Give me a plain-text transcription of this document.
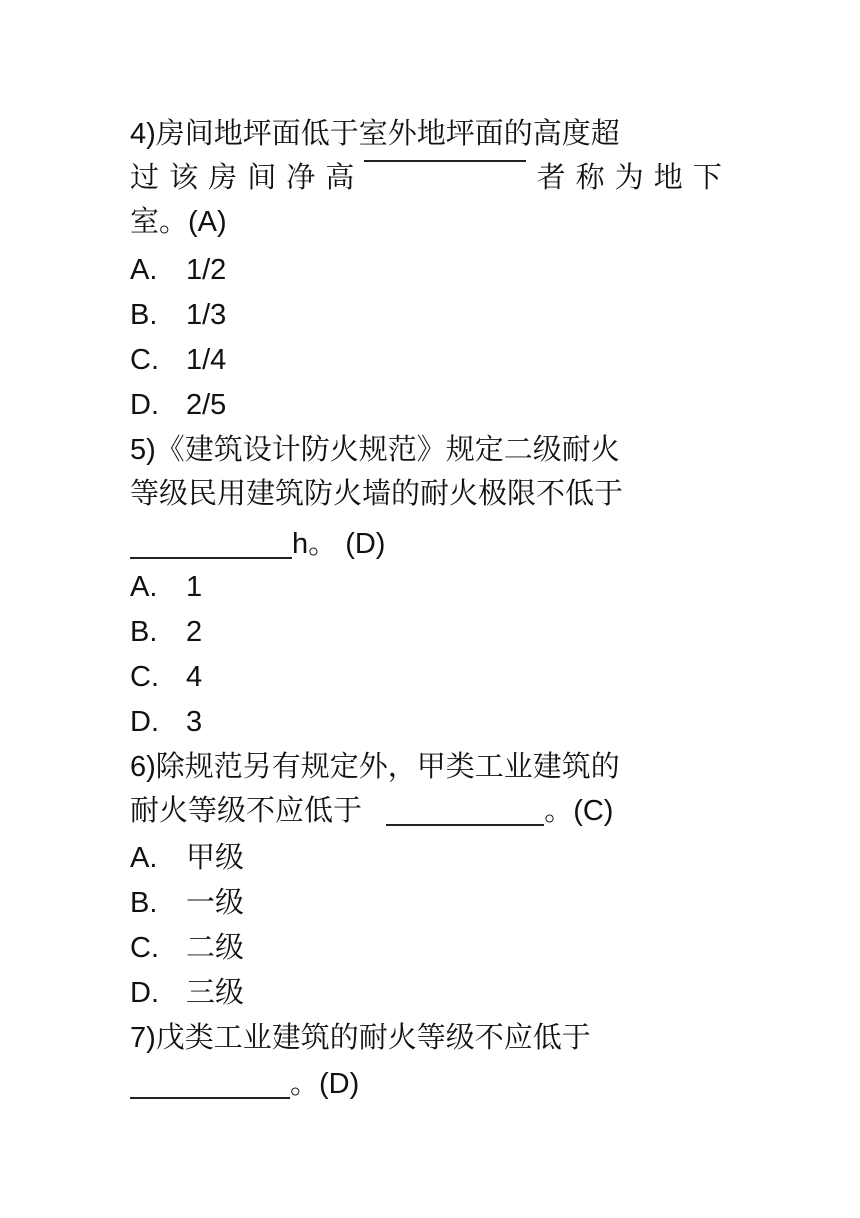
4)房间地坪面低于室外地坪面的高度超
过 该 房 间 净 高	者 称 为 地 下
室。(A)
A. 1/2
B. 1/3
C. 1/4
D. 2/5
5)《建筑设计防火规范》规定二级耐火
等级民用建筑防火墙的耐火极限不低于
h。 (D)
A. 1
B. 2
C. 4
D. 3
6)除规范另有规定外，甲类工业建筑的
耐火等级不应低于	。(C)
A. 甲级
B. 一级
C. 二级
D. 三级
7)戊类工业建筑的耐火等级不应低于
。(D)
